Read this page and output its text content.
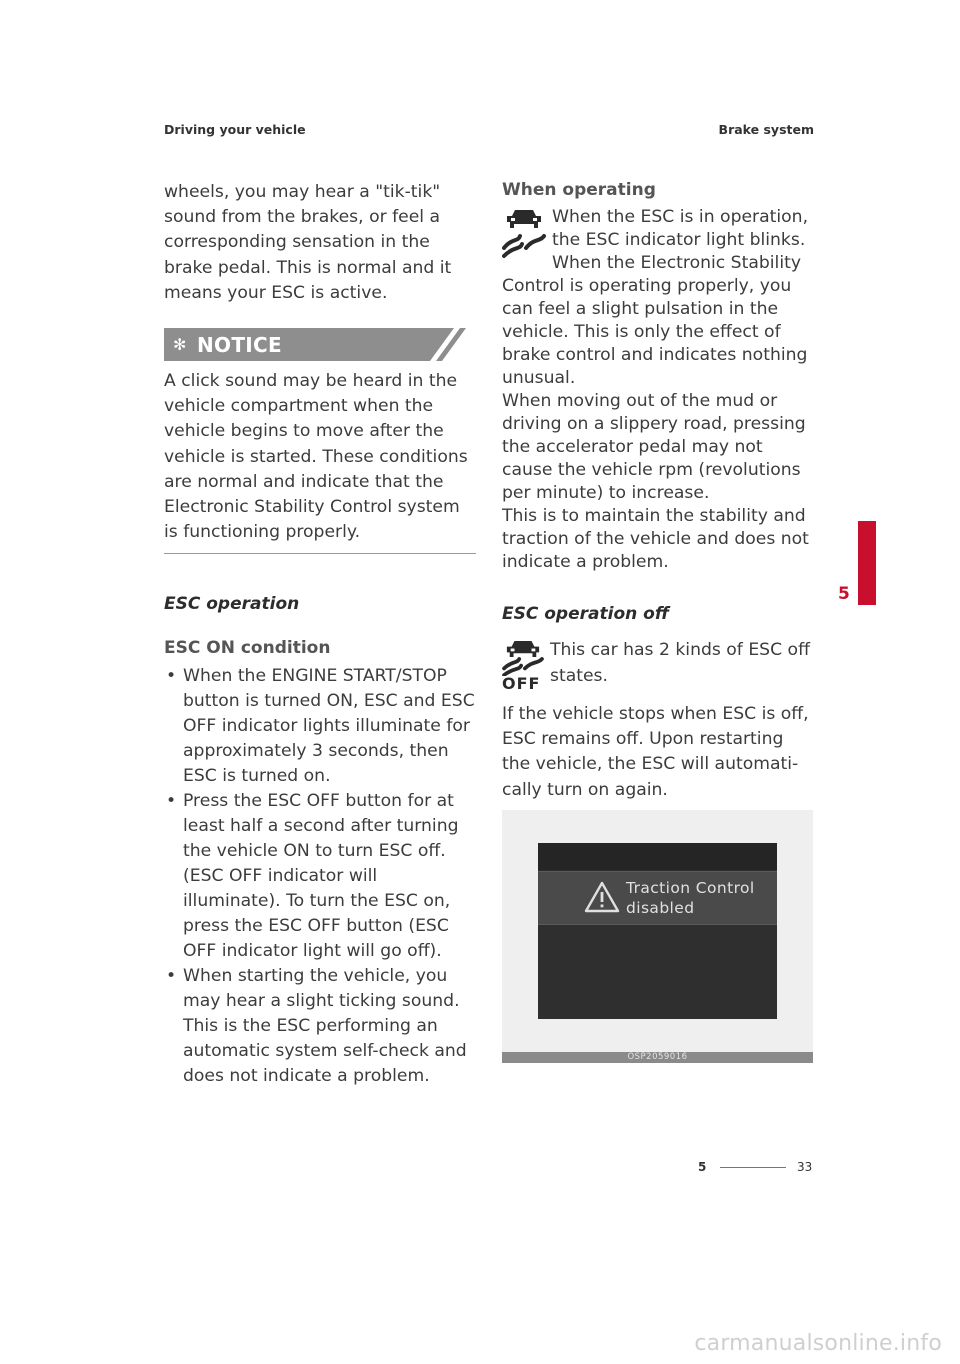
Driving your vehicle	Brake system

wheels, you may hear a "tik-tik" sound from the brakes, or feel a corresponding sensation in the brake pedal. This is normal and it means your ESC is active.

✻ NOTICE

A click sound may be heard in the vehicle compartment when the vehicle begins to move after the vehicle is started. These conditions are normal and indicate that the Electronic Stability Control system is functioning properly.

ESC operation
ESC ON condition
• When the ENGINE START/STOP button is turned ON, ESC and ESC OFF indicator lights illuminate for approximately 3 seconds, then ESC is turned on.
• Press the ESC OFF button for at least half a second after turning the vehicle ON to turn ESC off. (ESC OFF indicator will illuminate). To turn the ESC on, press the ESC OFF button (ESC OFF indicator light will go off).
• When starting the vehicle, you may hear a slight ticking sound. This is the ESC performing an automatic system self-check and does not indicate a problem.
When operating
When the ESC is in operation, the ESC indicator light blinks. When the Electronic Stability Control is operating properly, you can feel a slight pulsation in the vehicle. This is only the effect of brake control and indicates nothing unusual.
When moving out of the mud or driving on a slippery road, pressing the accelerator pedal may not cause the vehicle rpm (revolutions per minute) to increase.
This is to maintain the stability and traction of the vehicle and does not indicate a problem.
ESC operation off
OFF
This car has 2 kinds of ESC off states.
If the vehicle stops when ESC is off, ESC remains off. Upon restarting the vehicle, the ESC will automati-cally turn on again.
Traction Control
disabled
OSP2059016
5
5	33
carmanualsonline.info
